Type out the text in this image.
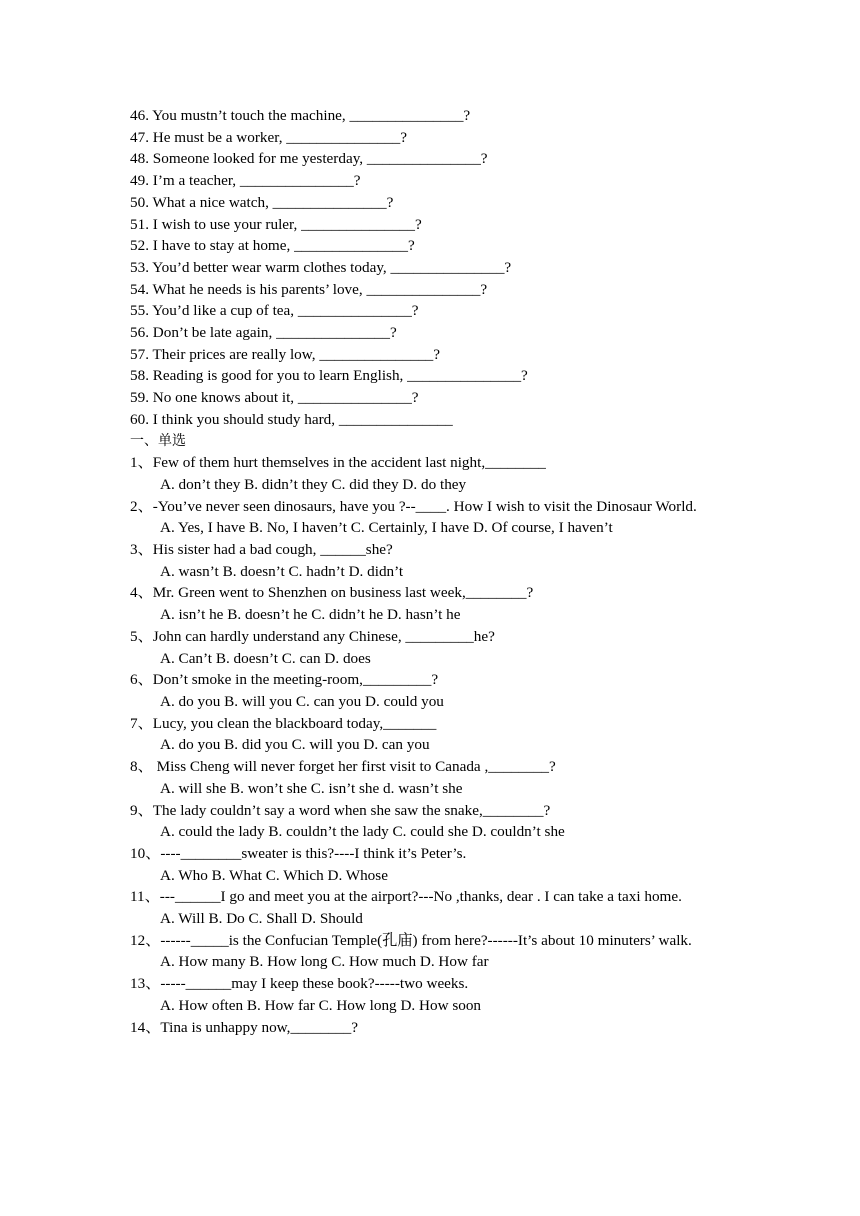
46. You mustn’t touch the machine, _______________?
47. He must be a worker, _______________?
48. Someone looked for me yesterday, _______________?
49. I’m a teacher, _______________?
50. What a nice watch, _______________?
51. I wish to use your ruler, _______________?
52. I have to stay at home, _______________?
53. You’d better wear warm clothes today, _______________?
54. What he needs is his parents’ love, _______________?
55. You’d like a cup of tea, _______________?
56. Don’t be late again, _______________?
57. Their prices are really low, _______________?
58. Reading is good for you to learn English, _______________?
59. No one knows about it, _______________?
60. I think you should study hard, _______________
一、单选
1、Few of them hurt themselves in the accident last night,________
A. don’t they B. didn’t they C. did they D. do they
2、-You’ve never seen dinosaurs, have you ?--____. How I wish to visit the Dinosaur World.
A. Yes, I have B. No, I haven’t C. Certainly, I have D. Of course, I haven’t
3、His sister had a bad cough, ______she?
A. wasn’t B. doesn’t C. hadn’t D. didn’t
4、Mr. Green went to Shenzhen on business last week,________?
A. isn’t he B. doesn’t he C. didn’t he D. hasn’t he
5、John can hardly understand any Chinese, _________he?
A. Can’t B. doesn’t C. can D. does
6、Don’t smoke in the meeting-room,_________?
A. do you B. will you C. can you D. could you
7、Lucy, you clean the blackboard today,_______
A. do you B. did you C. will you D. can you
8、 Miss Cheng will never forget her first visit to Canada ,________?
A. will she B. won’t she C. isn’t she d. wasn’t she
9、The lady couldn’t say a word when she saw the snake,________?
A. could the lady B. couldn’t the lady C. could she D. couldn’t she
10、----________sweater is this?----I think it’s Peter’s.
A. Who B. What C. Which D. Whose
11、---______I go and meet you at the airport?---No ,thanks, dear . I can take a taxi home.
A. Will B. Do C. Shall D. Should
12、------_____is the Confucian Temple(孔庙) from here?------It’s about 10 minuters’ walk.
A. How many B. How long C. How much D. How far
13、-----______may I keep these book?-----two weeks.
A. How often B. How far C. How long D. How soon
14、Tina is unhappy now,________?
